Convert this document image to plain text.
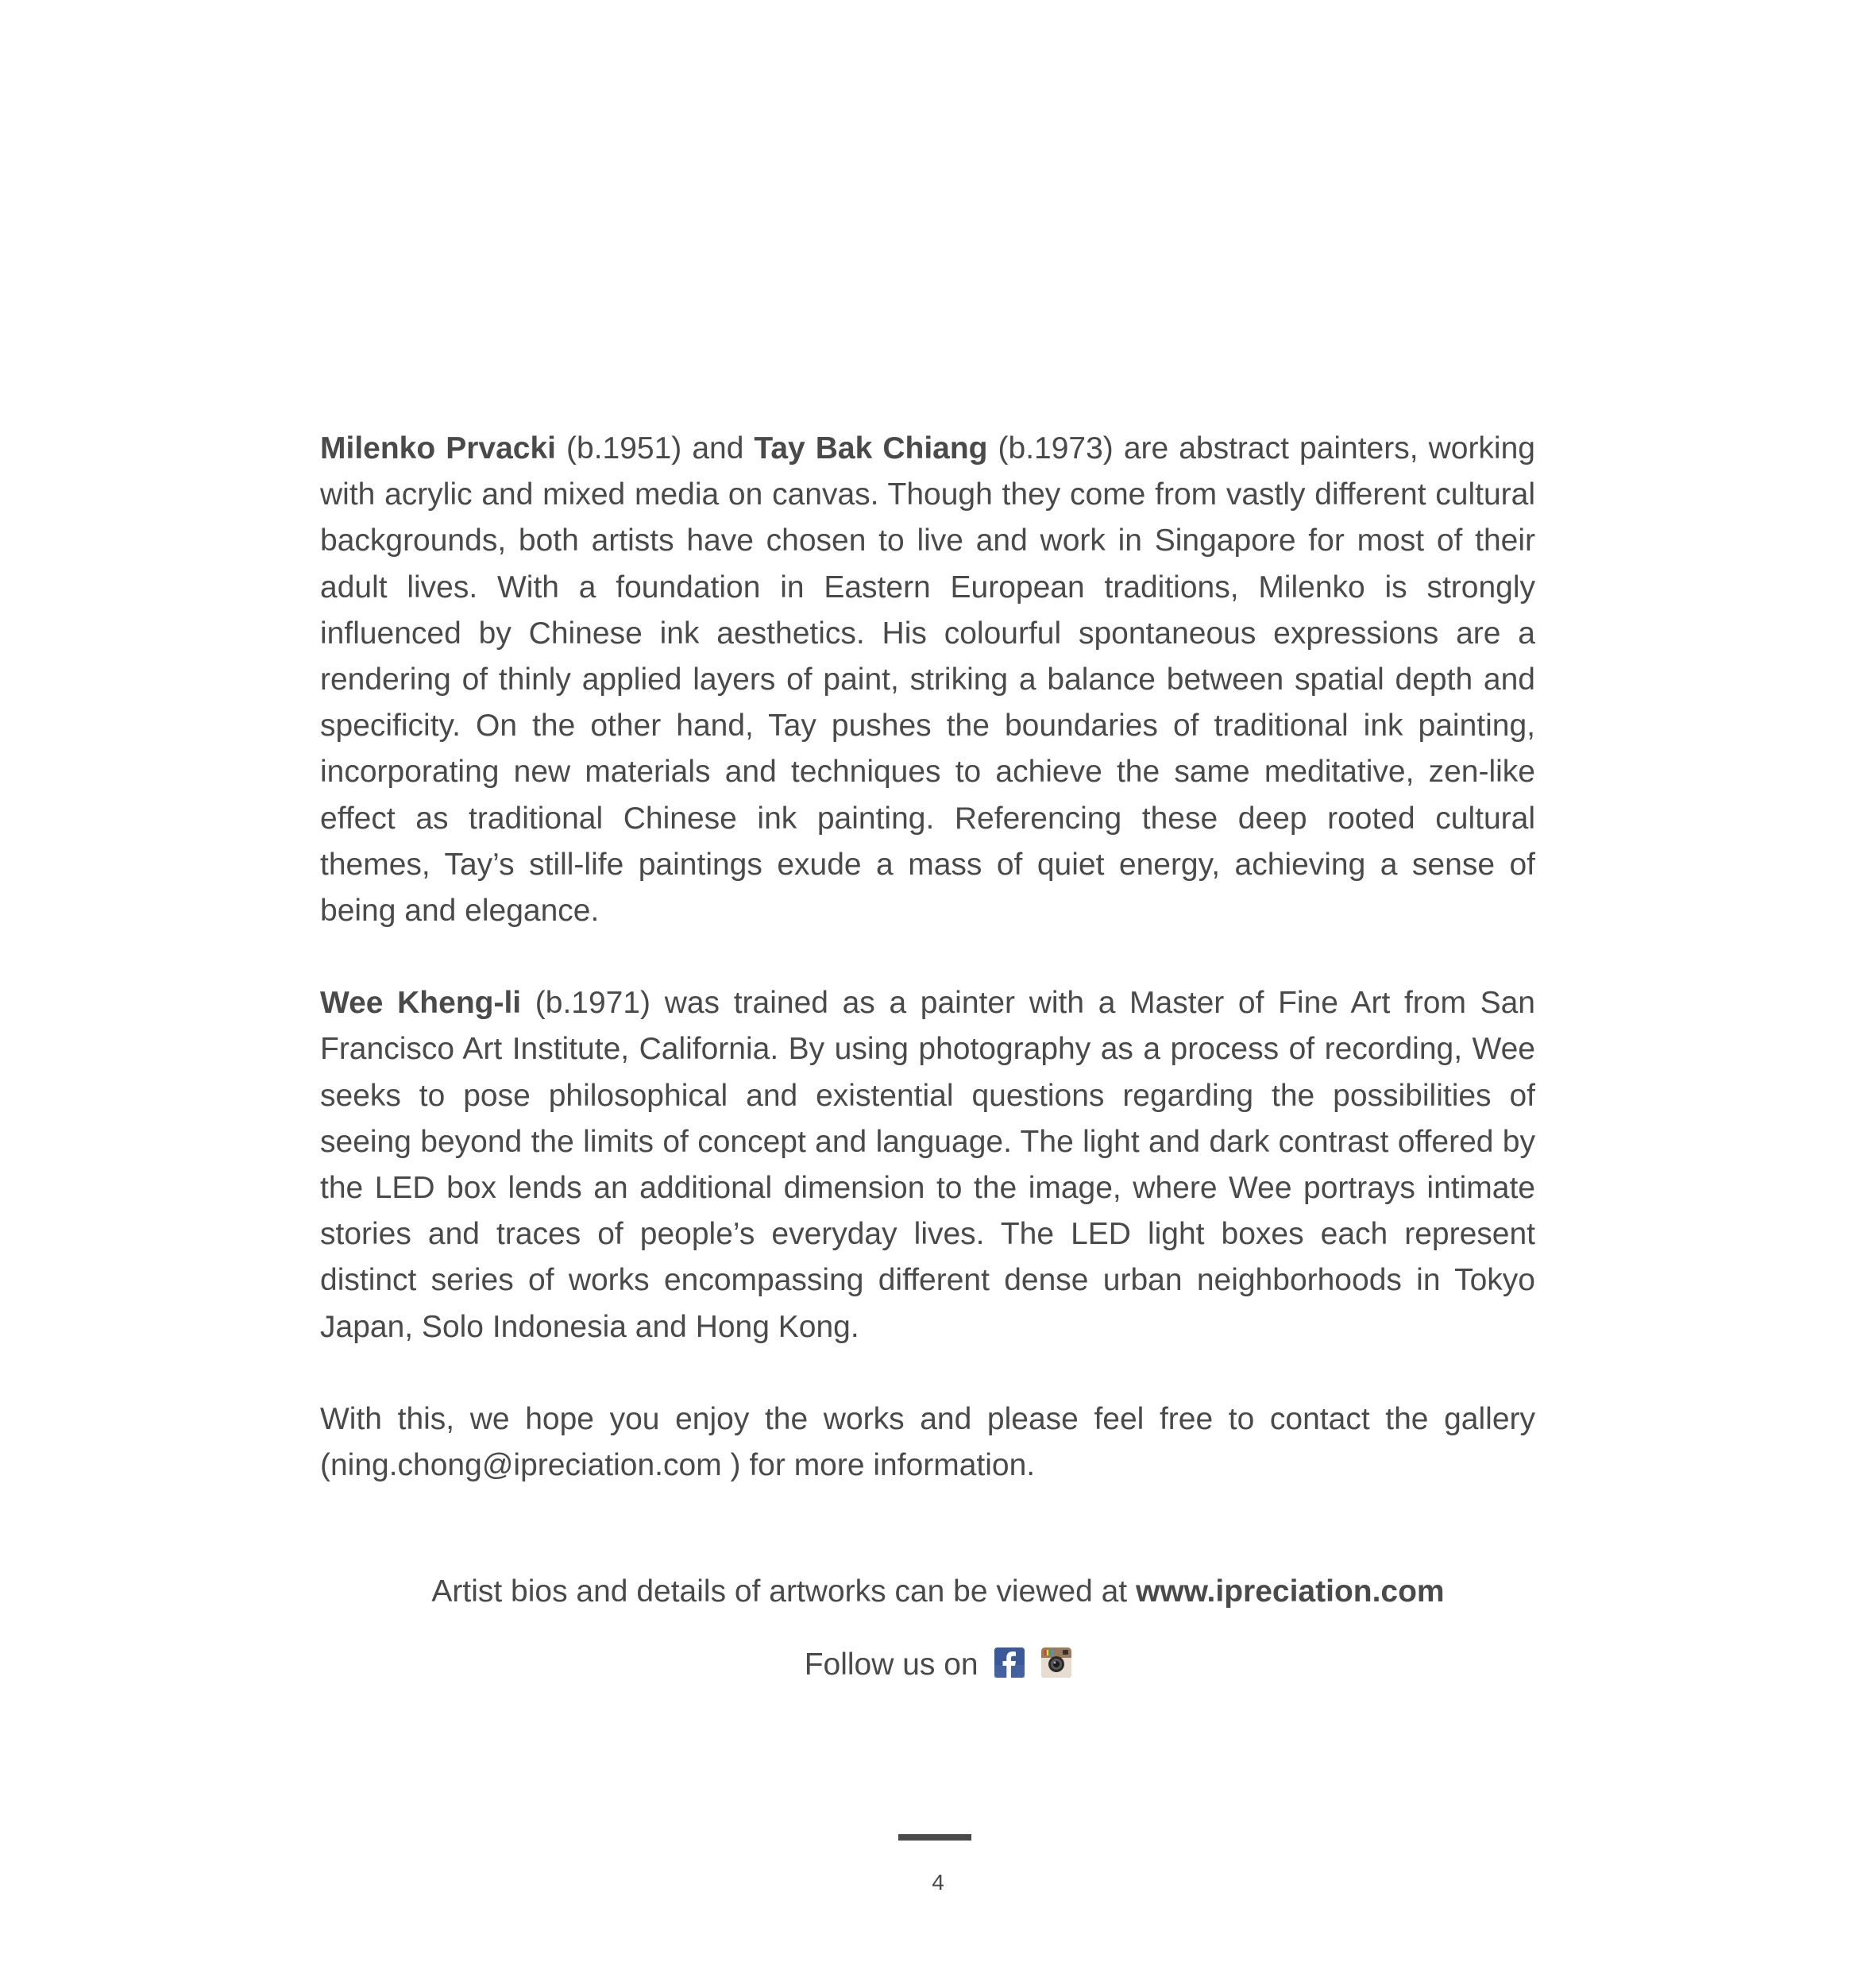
Milenko Prvacki (b.1951) and Tay Bak Chiang (b.1973) are abstract painters, working with acrylic and mixed media on canvas. Though they come from vastly different cultural backgrounds, both artists have chosen to live and work in Singapore for most of their adult lives. With a foundation in Eastern European traditions, Milenko is strongly influenced by Chinese ink aesthetics. His colourful spontaneous expressions are a rendering of thinly applied layers of paint, striking a balance between spatial depth and specificity. On the other hand, Tay pushes the boundaries of traditional ink painting, incorporating new materials and techniques to achieve the same meditative, zen-like effect as traditional Chinese ink painting. Referencing these deep rooted cultural themes, Tay’s still-life paintings exude a mass of quiet energy, achieving a sense of being and elegance.

Wee Kheng-li (b.1971) was trained as a painter with a Master of Fine Art from San Francisco Art Institute, California. By using photography as a process of recording, Wee seeks to pose philosophical and existential questions regarding the possibilities of seeing beyond the limits of concept and language. The light and dark contrast offered by the LED box lends an additional dimension to the image, where Wee portrays intimate stories and traces of people’s everyday lives. The LED light boxes each represent distinct series of works encompassing different dense urban neighborhoods in Tokyo Japan, Solo Indonesia and Hong Kong.

With this, we hope you enjoy the works and please feel free to contact the gallery (ning.chong@ipreciation.com ) for more information.

Artist bios and details of artworks can be viewed at www.ipreciation.com
Follow us on

4
